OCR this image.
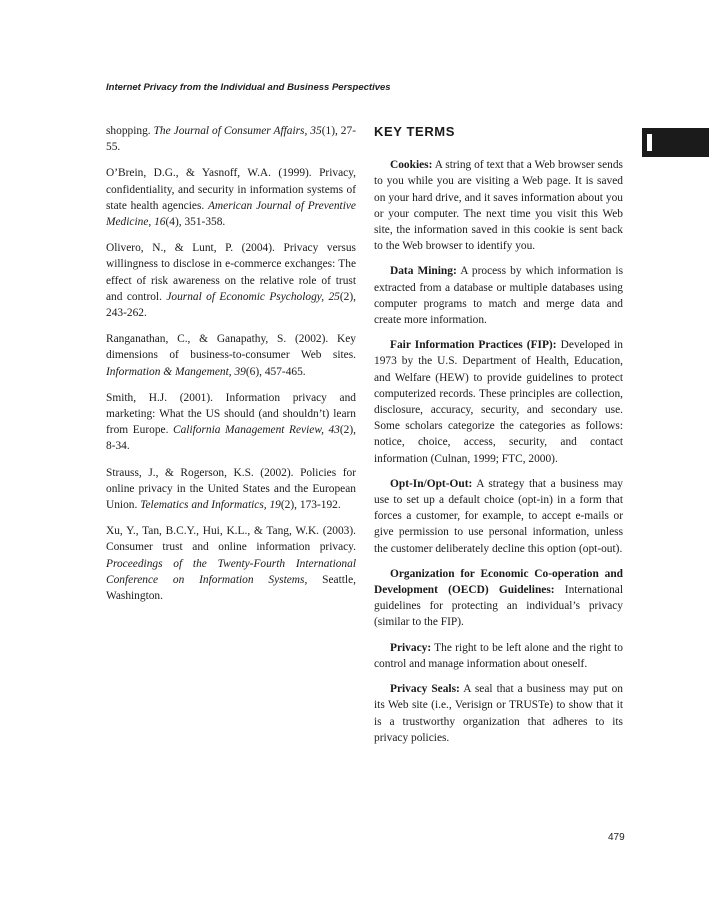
Internet Privacy from the Individual and Business Perspectives

shopping. The Journal of Consumer Affairs, 35(1), 27-55.

O’Brein, D.G., & Yasnoff, W.A. (1999). Privacy, confidentiality, and security in information systems of state health agencies. American Journal of Preventive Medicine, 16(4), 351-358.

Olivero, N., & Lunt, P. (2004). Privacy versus willingness to disclose in e-commerce exchanges: The effect of risk awareness on the relative role of trust and control. Journal of Economic Psychology, 25(2), 243-262.

Ranganathan, C., & Ganapathy, S. (2002). Key dimensions of business-to-consumer Web sites. Information & Mangement, 39(6), 457-465.

Smith, H.J. (2001). Information privacy and marketing: What the US should (and shouldn’t) learn from Europe. California Management Review, 43(2), 8-34.

Strauss, J., & Rogerson, K.S. (2002). Policies for online privacy in the United States and the European Union. Telematics and Informatics, 19(2), 173-192.

Xu, Y., Tan, B.C.Y., Hui, K.L., & Tang, W.K. (2003). Consumer trust and online information privacy. Proceedings of the Twenty-Fourth International Conference on Information Systems, Seattle, Washington.

KEY TERMS

Cookies: A string of text that a Web browser sends to you while you are visiting a Web page. It is saved on your hard drive, and it saves information about you or your computer. The next time you visit this Web site, the information saved in this cookie is sent back to the Web browser to identify you.

Data Mining: A process by which information is extracted from a database or multiple databases using computer programs to match and merge data and create more information.

Fair Information Practices (FIP): Developed in 1973 by the U.S. Department of Health, Education, and Welfare (HEW) to provide guidelines to protect computerized records. These principles are collection, disclosure, accuracy, security, and secondary use. Some scholars categorize the categories as follows: notice, choice, access, security, and contact information (Culnan, 1999; FTC, 2000).

Opt-In/Opt-Out: A strategy that a business may use to set up a default choice (opt-in) in a form that forces a customer, for example, to accept e-mails or give permission to use personal information, unless the customer deliberately decline this option (opt-out).

Organization for Economic Co-operation and Development (OECD) Guidelines: International guidelines for protecting an individual’s privacy (similar to the FIP).

Privacy: The right to be left alone and the right to control and manage information about oneself.

Privacy Seals: A seal that a business may put on its Web site (i.e., Verisign or TRUSTe) to show that it is a trustworthy organization that adheres to its privacy policies.

479
